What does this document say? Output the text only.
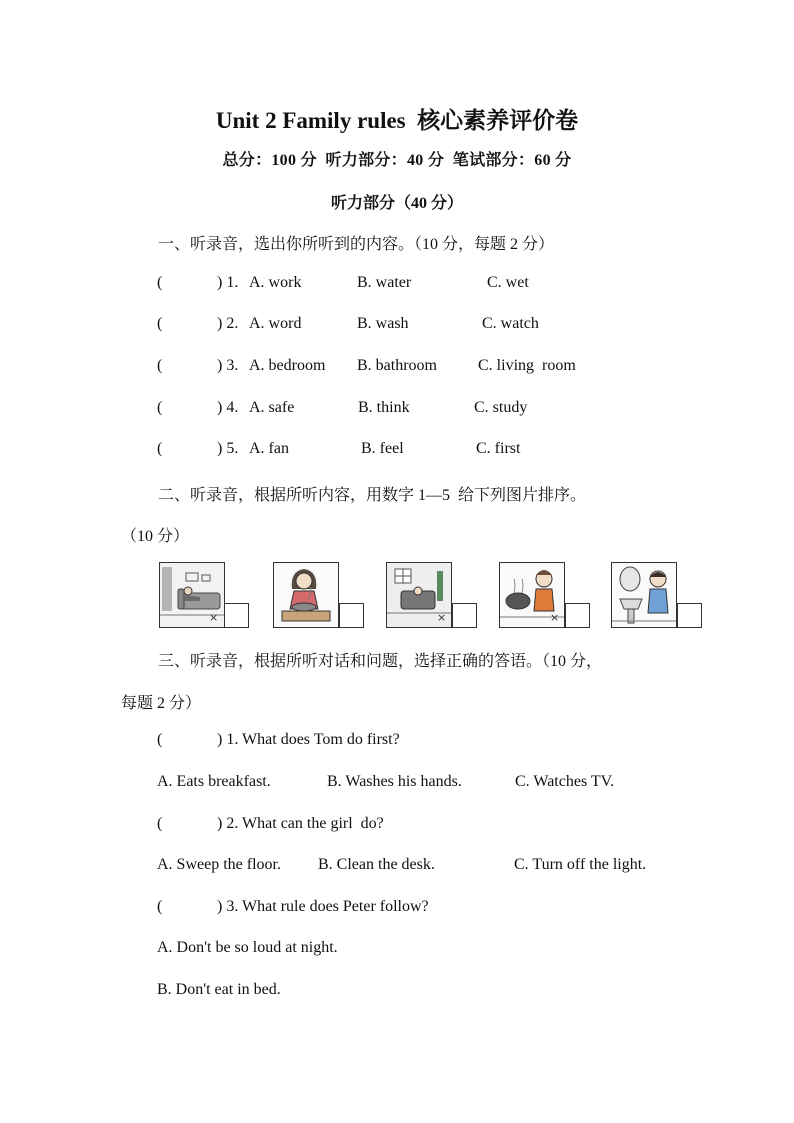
Unit 2 Family rules  核心素养评价卷
总分：100 分  听力部分：40 分  笔试部分：60 分
听力部分（40 分）
一、听录音，选出你所听到的内容。（10 分，每题 2 分）
(	) 1. A. work	B. water	C. wet
(	) 2. A. word	B. wash	C. watch
(	) 3. A. bedroom B. bathroom	C. living  room
(	) 4. A. safe	B. think	C. study
(	) 5. A. fan	B. feel	C. first
二、听录音，根据所听内容，用数字 1—5  给下列图片排序。
（10 分）
×	×	×
三、听录音，根据所听对话和问题，选择正确的答语。（10 分，
每题 2 分）
(	) 1. What does Tom do first?
A. Eats breakfast.	B. Washes his hands.	C. Watches TV.
(	) 2. What can the girl  do?
A. Sweep the floor. B. Clean the desk.	C. Turn off the light.
(	) 3. What rule does Peter follow?
A. Don't be so loud at night.
B. Don't eat in bed.
